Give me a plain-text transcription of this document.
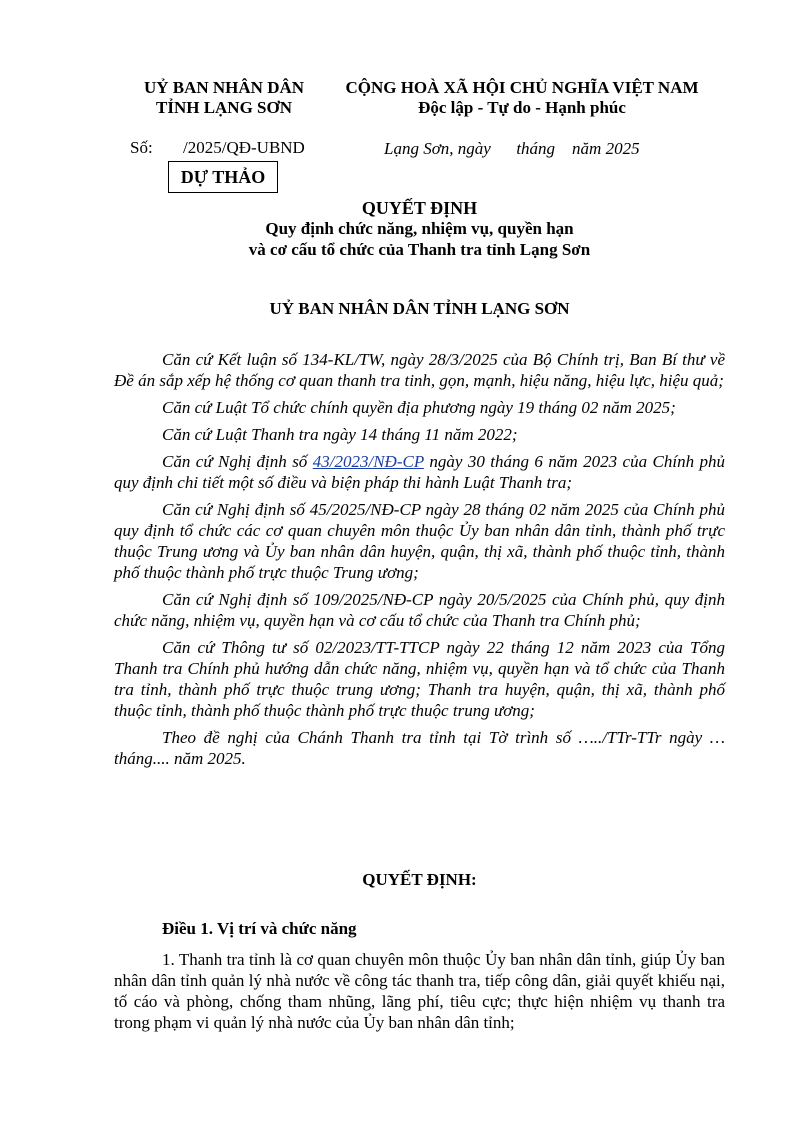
UỶ BAN NHÂN DÂN
TỈNH LẠNG SƠN
CỘNG HOÀ XÃ HỘI CHỦ NGHĨA VIỆT NAM
Độc lập - Tự do - Hạnh phúc
Số: /2025/QĐ-UBND	Lạng Sơn, ngày      tháng    năm 2025
DỰ THẢO
QUYẾT ĐỊNH
Quy định chức năng, nhiệm vụ, quyền hạn
và cơ cấu tổ chức của Thanh tra tỉnh Lạng Sơn
UỶ BAN NHÂN DÂN TỈNH LẠNG SƠN

Căn cứ Kết luận số 134-KL/TW, ngày 28/3/2025 của Bộ Chính trị, Ban Bí thư về Đề án sắp xếp hệ thống cơ quan thanh tra tinh, gọn, mạnh, hiệu năng, hiệu lực, hiệu quả;

Căn cứ Luật Tổ chức chính quyền địa phương ngày 19 tháng 02 năm 2025;

Căn cứ Luật Thanh tra ngày 14 tháng 11 năm 2022;

Căn cứ Nghị định số 43/2023/NĐ-CP ngày 30 tháng 6 năm 2023 của Chính phủ quy định chi tiết một số điều và biện pháp thi hành Luật Thanh tra;

Căn cứ Nghị định số 45/2025/NĐ-CP ngày 28 tháng 02 năm 2025 của Chính phủ quy định tổ chức các cơ quan chuyên môn thuộc Ủy ban nhân dân tỉnh, thành phố trực thuộc Trung ương và Ủy ban nhân dân huyện, quận, thị xã, thành phố thuộc tỉnh, thành phố thuộc thành phố trực thuộc Trung ương;

Căn cứ Nghị định số 109/2025/NĐ-CP ngày 20/5/2025 của Chính phủ, quy định chức năng, nhiệm vụ, quyền hạn và cơ cấu tổ chức của Thanh tra Chính phủ;

Căn cứ Thông tư số 02/2023/TT-TTCP ngày 22 tháng 12 năm 2023 của Tổng Thanh tra Chính phủ hướng dẫn chức năng, nhiệm vụ, quyền hạn và tổ chức của Thanh tra tỉnh, thành phố trực thuộc trung ương; Thanh tra huyện, quận, thị xã, thành phố thuộc tỉnh, thành phố thuộc thành phố trực thuộc trung ương;

Theo đề nghị của Chánh Thanh tra tỉnh tại Tờ trình số …../TTr-TTr ngày … tháng.... năm 2025.

QUYẾT ĐỊNH:
Điều 1. Vị trí và chức năng

1. Thanh tra tỉnh là cơ quan chuyên môn thuộc Ủy ban nhân dân tỉnh, giúp Ủy ban nhân dân tỉnh quản lý nhà nước về công tác thanh tra, tiếp công dân, giải quyết khiếu nại, tố cáo và phòng, chống tham nhũng, lãng phí, tiêu cực; thực hiện nhiệm vụ thanh tra trong phạm vi quản lý nhà nước của Ủy ban nhân dân tỉnh;
